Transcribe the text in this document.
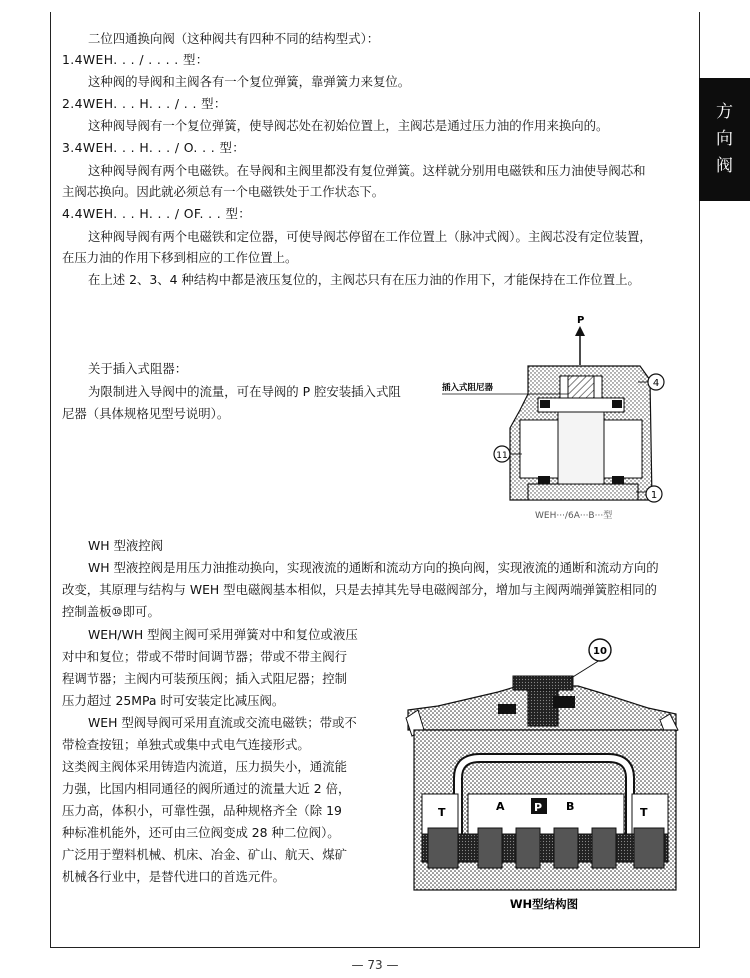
方
向
阀

二位四通换向阀（这种阀共有四种不同的结构型式）：

1.4WEH. . . / . . . . 型：

这种阀的导阀和主阀各有一个复位弹簧，靠弹簧力来复位。

2.4WEH. . . H. . . / . . 型：

这种阀导阀有一个复位弹簧，使导阀芯处在初始位置上，主阀芯是通过压力油的作用来换向的。

3.4WEH. . . H. . . / O. . . 型：

这种阀导阀有两个电磁铁。在导阀和主阀里都没有复位弹簧。这样就分别用电磁铁和压力油使导阀芯和

主阀芯换向。因此就必须总有一个电磁铁处于工作状态下。

4.4WEH. . . H. . . / OF. . . 型：

这种阀导阀有两个电磁铁和定位器，可使导阀芯停留在工作位置上（脉冲式阀）。主阀芯没有定位装置，

在压力油的作用下移到相应的工作位置上。

在上述 2、3、4 种结构中都是液压复位的，主阀芯只有在压力油的作用下，才能保持在工作位置上。

关于插入式阻器：

为限制进入导阀中的流量，可在导阀的 P 腔安装插入式阻

尼器（具体规格见型号说明）。

P
插入式阻尼器	4
11
1
WEH···/6A···B···型

WH 型液控阀

WH 型液控阀是用压力油推动换向，实现液流的通断和流动方向的换向阀，实现液流的通断和流动方向的

改变，其原理与结构与 WEH 型电磁阀基本相似，只是去掉其先导电磁阀部分，增加与主阀两端弹簧腔相同的

控制盖板⑩即可。

WEH/WH 型阀主阀可采用弹簧对中和复位或液压

对中和复位；带或不带时间调节器；带或不带主阀行

程调节器；主阀内可装预压阀；插入式阻尼器；控制

压力超过 25MPa 时可安装定比减压阀。

WEH 型阀导阀可采用直流或交流电磁铁；带或不

带检查按钮；单独式或集中式电气连接形式。

这类阀主阀体采用铸造内流道，压力损失小，通流能

力强，比国内相同通径的阀所通过的流量大近 2 倍，

压力高，体积小，可靠性强，品种规格齐全（除 19

种标准机能外，还可由三位阀变成 28 种二位阀）。

广泛用于塑料机械、机床、冶金、矿山、航天、煤矿

机械各行业中，是替代进口的首选元件。

T	A	P B	T
10
WH型结构图
— 73 —
